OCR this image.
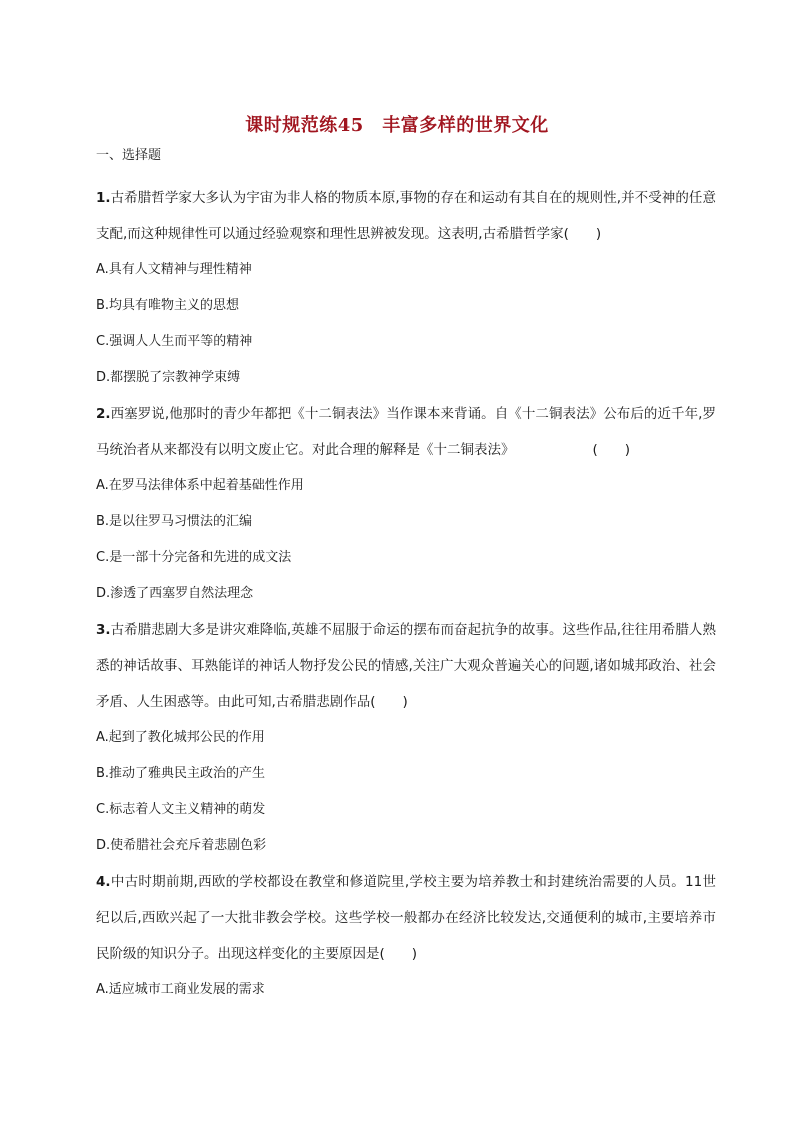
课时规范练45　丰富多样的世界文化
一、选择题
1.古希腊哲学家大多认为宇宙为非人格的物质本原,事物的存在和运动有其自在的规则性,并不受神的任意支配,而这种规律性可以通过经验观察和理性思辨被发现。这表明,古希腊哲学家(　　)
A.具有人文精神与理性精神
B.均具有唯物主义的思想
C.强调人人生而平等的精神
D.都摆脱了宗教神学束缚
2.西塞罗说,他那时的青少年都把《十二铜表法》当作课本来背诵。自《十二铜表法》公布后的近千年,罗马统治者从来都没有以明文废止它。对此合理的解释是《十二铜表法》	(　　)
A.在罗马法律体系中起着基础性作用
B.是以往罗马习惯法的汇编
C.是一部十分完备和先进的成文法
D.渗透了西塞罗自然法理念
3.古希腊悲剧大多是讲灾难降临,英雄不屈服于命运的摆布而奋起抗争的故事。这些作品,往往用希腊人熟悉的神话故事、耳熟能详的神话人物抒发公民的情感,关注广大观众普遍关心的问题,诸如城邦政治、社会矛盾、人生困惑等。由此可知,古希腊悲剧作品(　　)
A.起到了教化城邦公民的作用
B.推动了雅典民主政治的产生
C.标志着人文主义精神的萌发
D.使希腊社会充斥着悲剧色彩
4.中古时期前期,西欧的学校都设在教堂和修道院里,学校主要为培养教士和封建统治需要的人员。11世纪以后,西欧兴起了一大批非教会学校。这些学校一般都办在经济比较发达,交通便利的城市,主要培养市民阶级的知识分子。出现这样变化的主要原因是(　　)
A.适应城市工商业发展的需求
